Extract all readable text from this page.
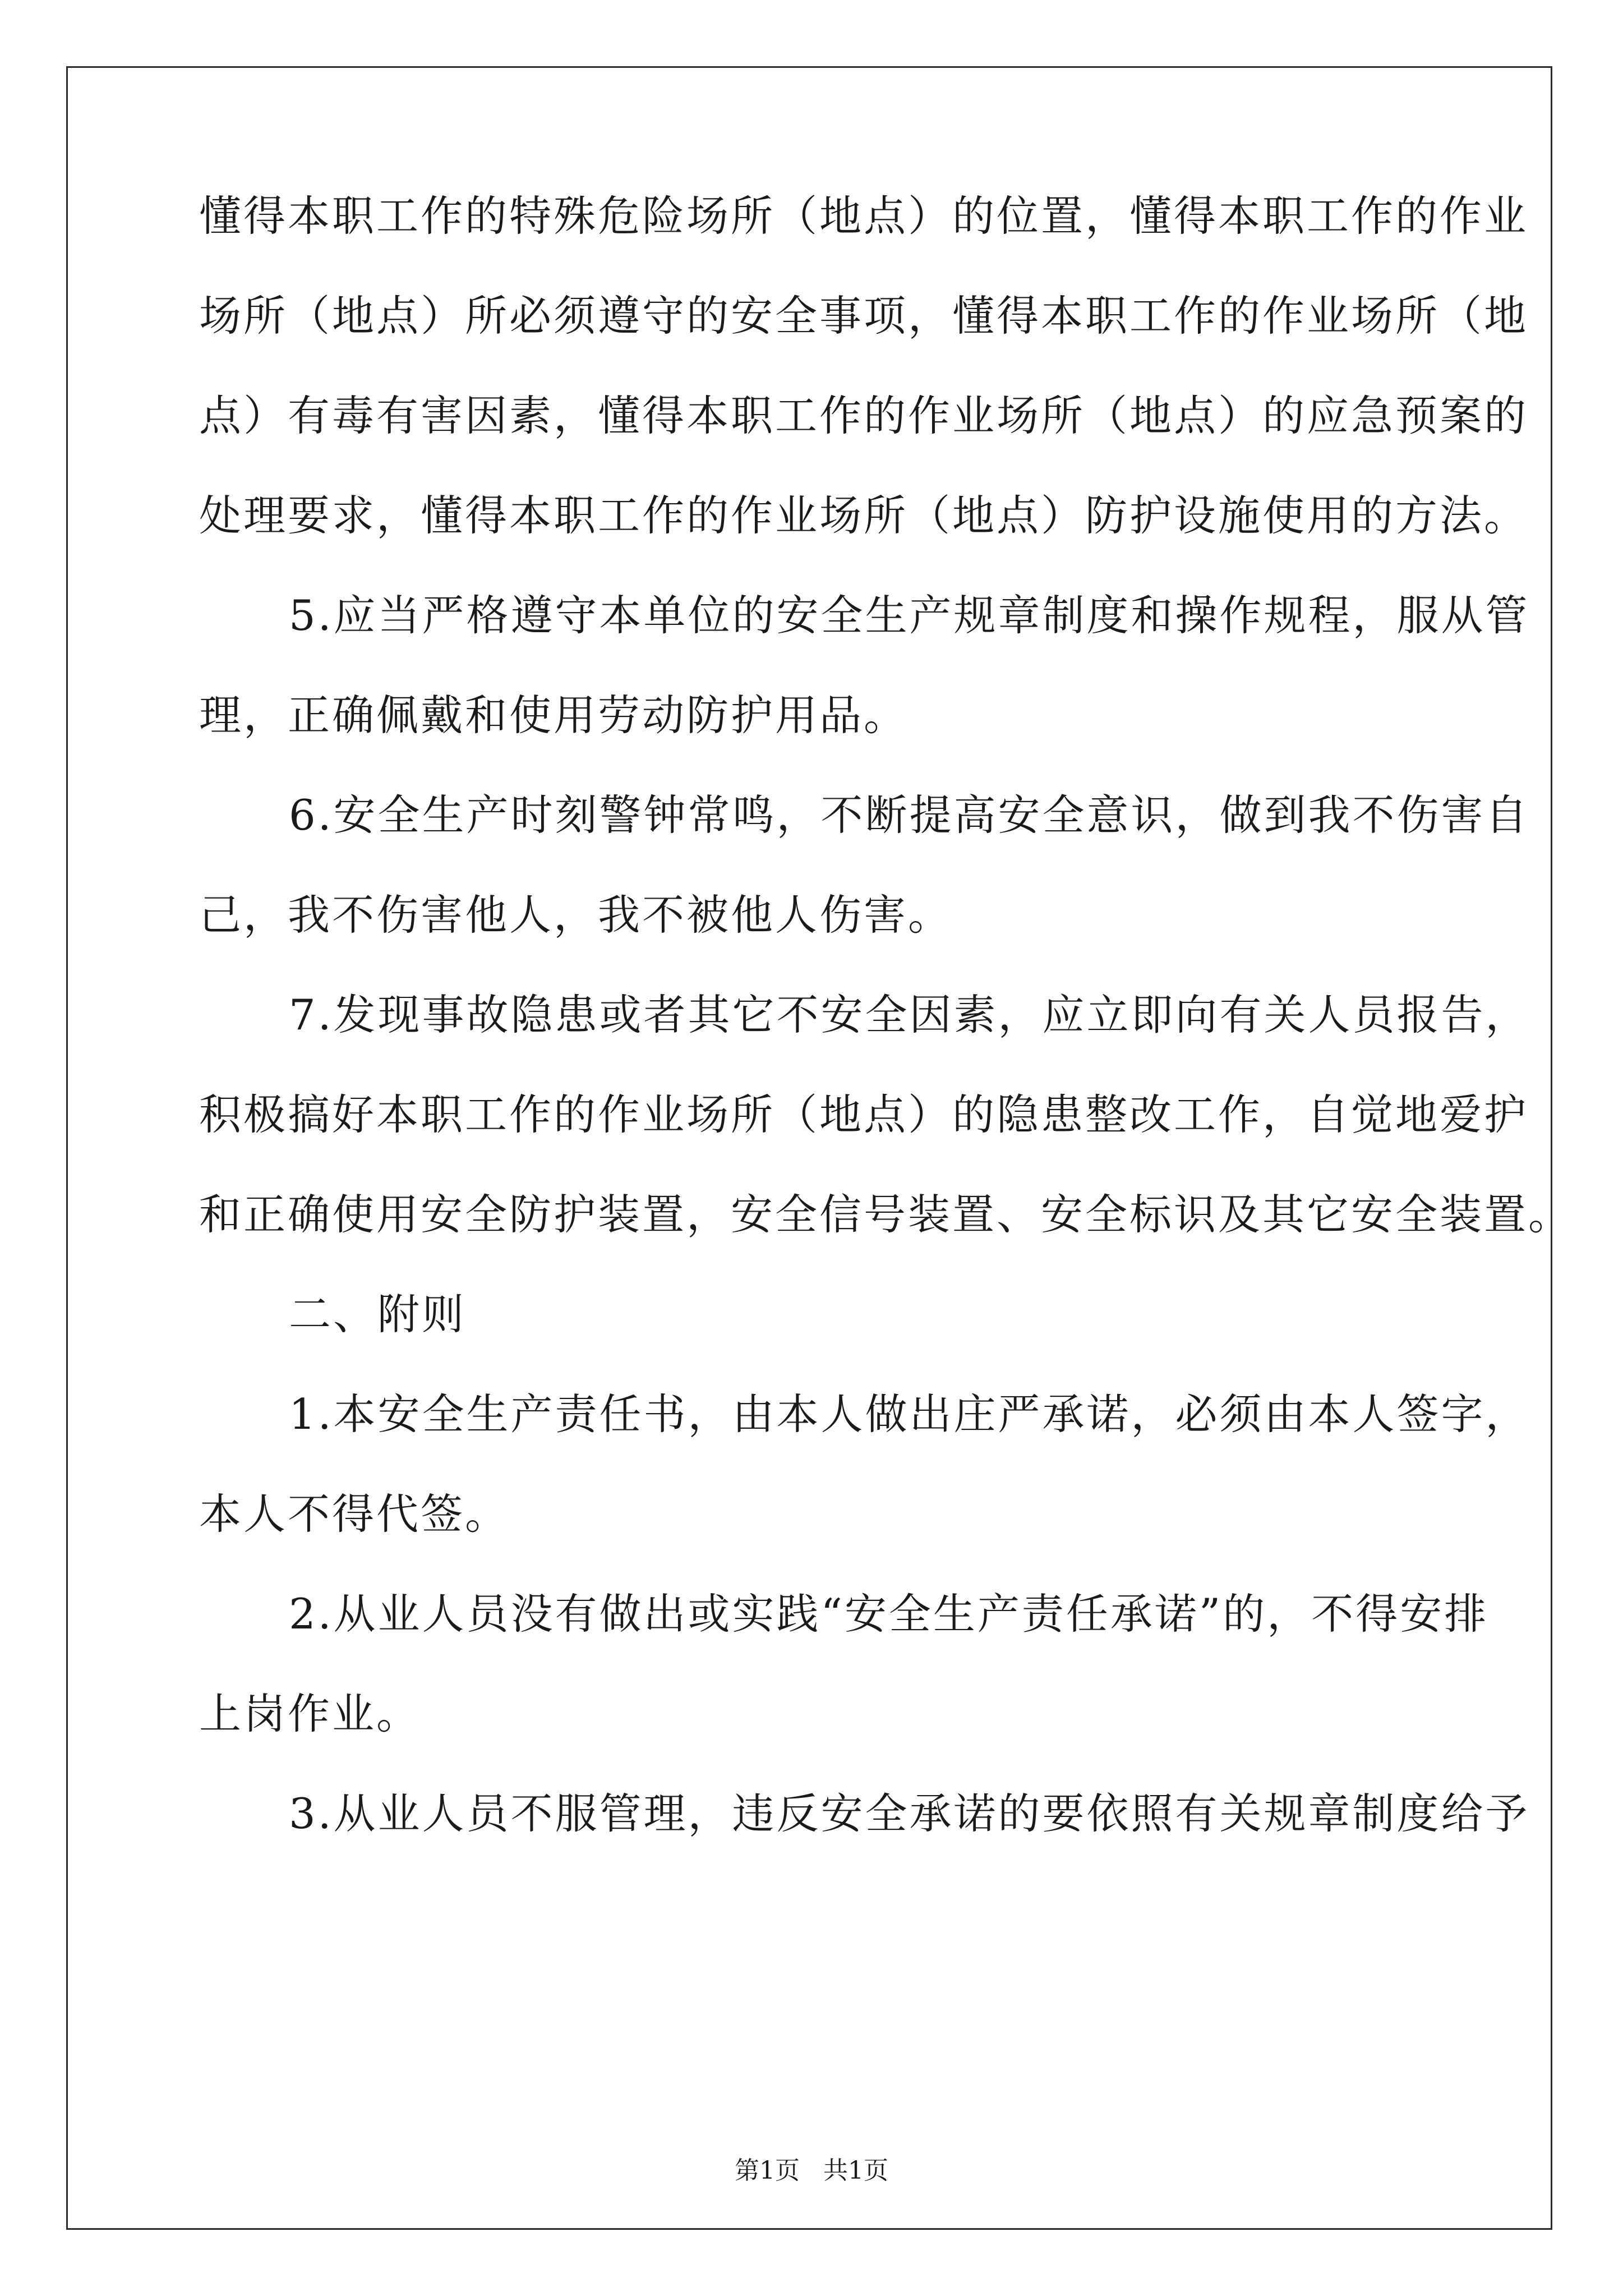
懂得本职工作的特殊危险场所（地点）的位置，懂得本职工作的作业

场所（地点）所必须遵守的安全事项，懂得本职工作的作业场所（地

点）有毒有害因素，懂得本职工作的作业场所（地点）的应急预案的

处理要求，懂得本职工作的作业场所（地点）防护设施使用的方法。

5.应当严格遵守本单位的安全生产规章制度和操作规程，服从管

理，正确佩戴和使用劳动防护用品。

6.安全生产时刻警钟常鸣，不断提高安全意识，做到我不伤害自

己，我不伤害他人，我不被他人伤害。

7.发现事故隐患或者其它不安全因素，应立即向有关人员报告，

积极搞好本职工作的作业场所（地点）的隐患整改工作，自觉地爱护

和正确使用安全防护装置，安全信号装置、安全标识及其它安全装置。

二、附则

1.本安全生产责任书，由本人做出庄严承诺，必须由本人签字，

本人不得代签。

2.从业人员没有做出或实践“安全生产责任承诺”的，不得安排

上岗作业。

3.从业人员不服管理，违反安全承诺的要依照有关规章制度给予

第1页 共1页
